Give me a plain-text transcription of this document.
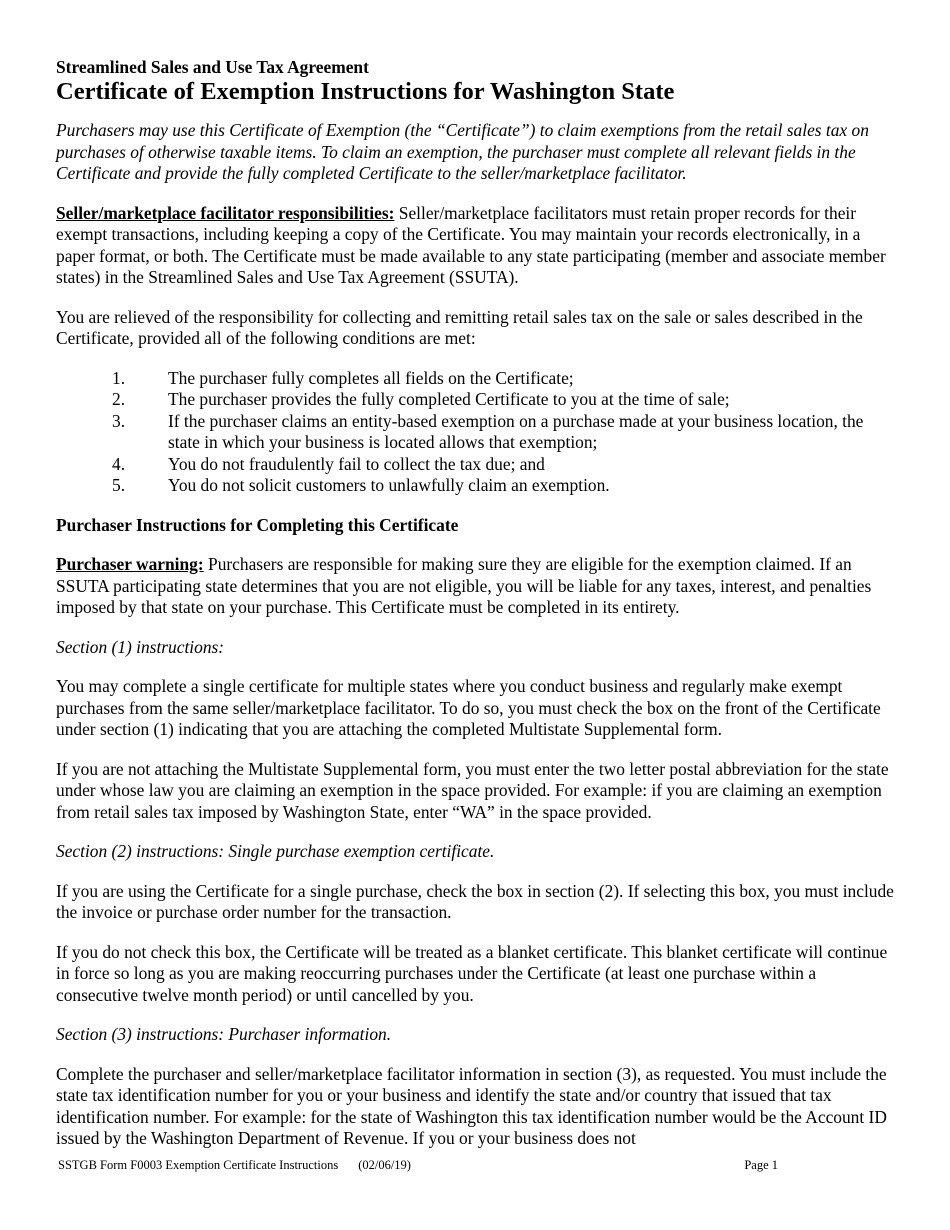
Streamlined Sales and Use Tax Agreement
Certificate of Exemption Instructions for Washington State

Purchasers may use this Certificate of Exemption (the “Certificate”) to claim exemptions from the retail sales tax on purchases of otherwise taxable items. To claim an exemption, the purchaser must complete all relevant fields in the Certificate and provide the fully completed Certificate to the seller/marketplace facilitator.

Seller/marketplace facilitator responsibilities: Seller/marketplace facilitators must retain proper records for their exempt transactions, including keeping a copy of the Certificate. You may maintain your records electronically, in a paper format, or both. The Certificate must be made available to any state participating (member and associate member states) in the Streamlined Sales and Use Tax Agreement (SSUTA).

You are relieved of the responsibility for collecting and remitting retail sales tax on the sale or sales described in the Certificate, provided all of the following conditions are met:

1. The purchaser fully completes all fields on the Certificate;
2. The purchaser provides the fully completed Certificate to you at the time of sale;
3. If the purchaser claims an entity-based exemption on a purchase made at your business location, the state in which your business is located allows that exemption;
4. You do not fraudulently fail to collect the tax due; and
5. You do not solicit customers to unlawfully claim an exemption.

Purchaser Instructions for Completing this Certificate

Purchaser warning: Purchasers are responsible for making sure they are eligible for the exemption claimed. If an SSUTA participating state determines that you are not eligible, you will be liable for any taxes, interest, and penalties imposed by that state on your purchase. This Certificate must be completed in its entirety.

Section (1) instructions:

You may complete a single certificate for multiple states where you conduct business and regularly make exempt purchases from the same seller/marketplace facilitator. To do so, you must check the box on the front of the Certificate under section (1) indicating that you are attaching the completed Multistate Supplemental form.

If you are not attaching the Multistate Supplemental form, you must enter the two letter postal abbreviation for the state under whose law you are claiming an exemption in the space provided. For example: if you are claiming an exemption from retail sales tax imposed by Washington State, enter “WA” in the space provided.

Section (2) instructions: Single purchase exemption certificate.

If you are using the Certificate for a single purchase, check the box in section (2). If selecting this box, you must include the invoice or purchase order number for the transaction.

If you do not check this box, the Certificate will be treated as a blanket certificate. This blanket certificate will continue in force so long as you are making reoccurring purchases under the Certificate (at least one purchase within a consecutive twelve month period) or until cancelled by you.

Section (3) instructions: Purchaser information.

Complete the purchaser and seller/marketplace facilitator information in section (3), as requested. You must include the state tax identification number for you or your business and identify the state and/or country that issued that tax identification number. For example: for the state of Washington this tax identification number would be the Account ID issued by the Washington Department of Revenue. If you or your business does not

SSTGB Form F0003 Exemption Certificate Instructions (02/06/19)	Page 1
